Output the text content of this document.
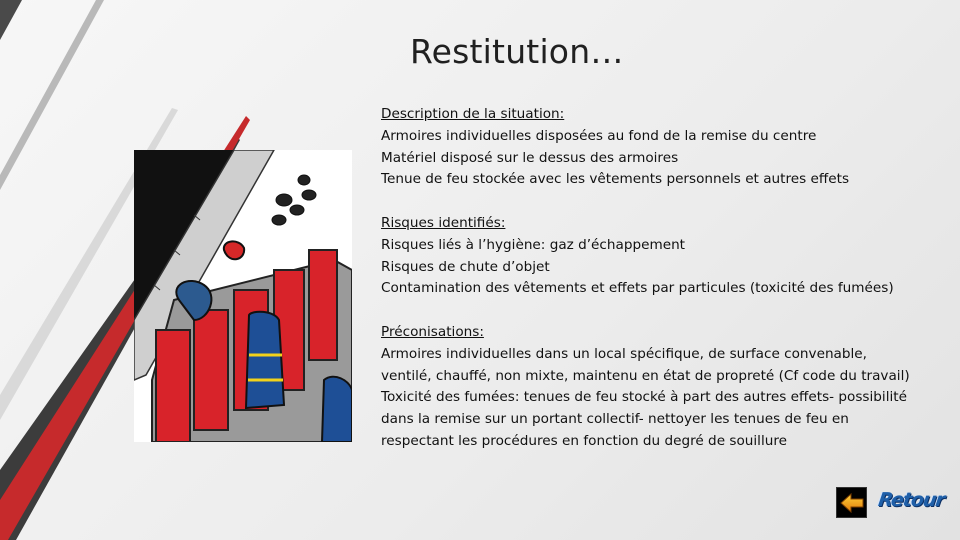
Restitution…

Description de la situation:

Armoires individuelles disposées au fond de la remise du centre

Matériel disposé sur le dessus des armoires

Tenue de feu stockée avec les vêtements personnels et autres effets

Risques identifiés:

Risques liés à l’hygiène: gaz d’échappement

Risques de chute d’objet

Contamination des vêtements et effets par particules (toxicité des fumées)

Préconisations:

Armoires individuelles dans un local spécifique, de surface convenable, ventilé, chauffé, non mixte, maintenu en état de propreté (Cf code du travail)

Toxicité des fumées: tenues de feu stocké à part des autres effets- possibilité dans la remise sur un portant collectif- nettoyer les tenues de feu en respectant les procédures en fonction du degré de souillure

Retour
